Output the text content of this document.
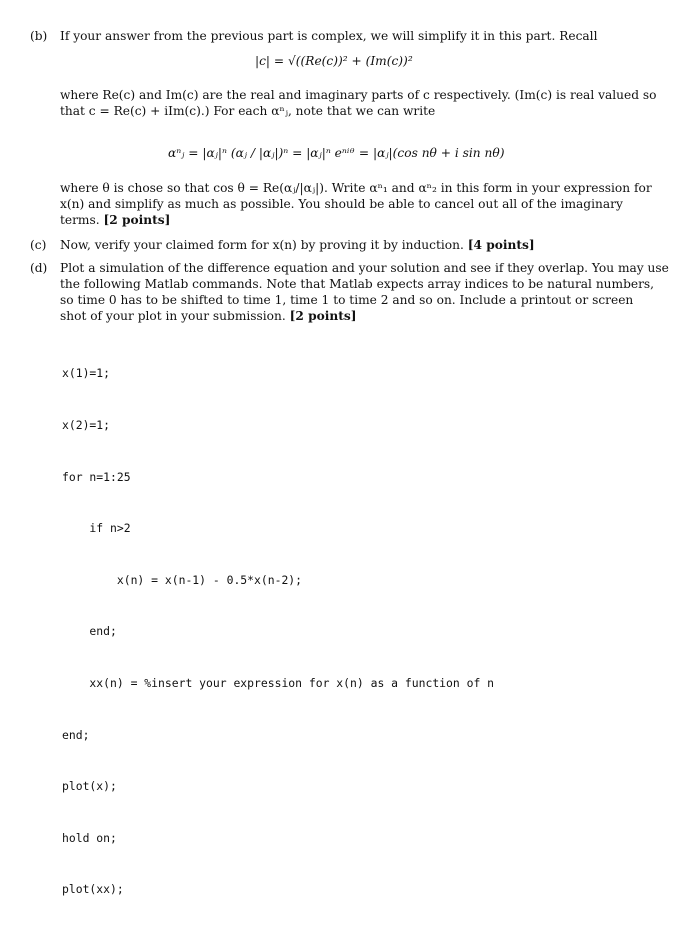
(b) If your answer from the previous part is complex, we will simplify it in this part. Recall
|c| = √((Re(c))² + (Im(c))²
where Re(c) and Im(c) are the real and imaginary parts of c respectively. (Im(c) is real valued so
that c = Re(c) + iIm(c).) For each αⁿⱼ, note that we can write
αⁿⱼ = |αⱼ|ⁿ (αⱼ / |αⱼ|)ⁿ = |αⱼ|ⁿ eⁿⁱᶿ = |αⱼ|(cos nθ + i sin nθ)
where θ is chose so that cos θ = Re(αⱼ/|αⱼ|). Write αⁿ₁ and αⁿ₂ in this form in your expression for
x(n) and simplify as much as possible. You should be able to cancel out all of the imaginary
terms. [2 points]
(c) Now, verify your claimed form for x(n) by proving it by induction. [4 points]
(d) Plot a simulation of the difference equation and your solution and see if they overlap. You may use
the following Matlab commands. Note that Matlab expects array indices to be natural numbers,
so time 0 has to be shifted to time 1, time 1 to time 2 and so on. Include a printout or screen
shot of your plot in your submission. [2 points]

x(1)=1;

x(2)=1;

for n=1:25

if n>2

x(n) = x(n-1) - 0.5*x(n-2);

end;

xx(n) = %insert your expression for x(n) as a function of n

end;

plot(x);

hold on;

plot(xx);
